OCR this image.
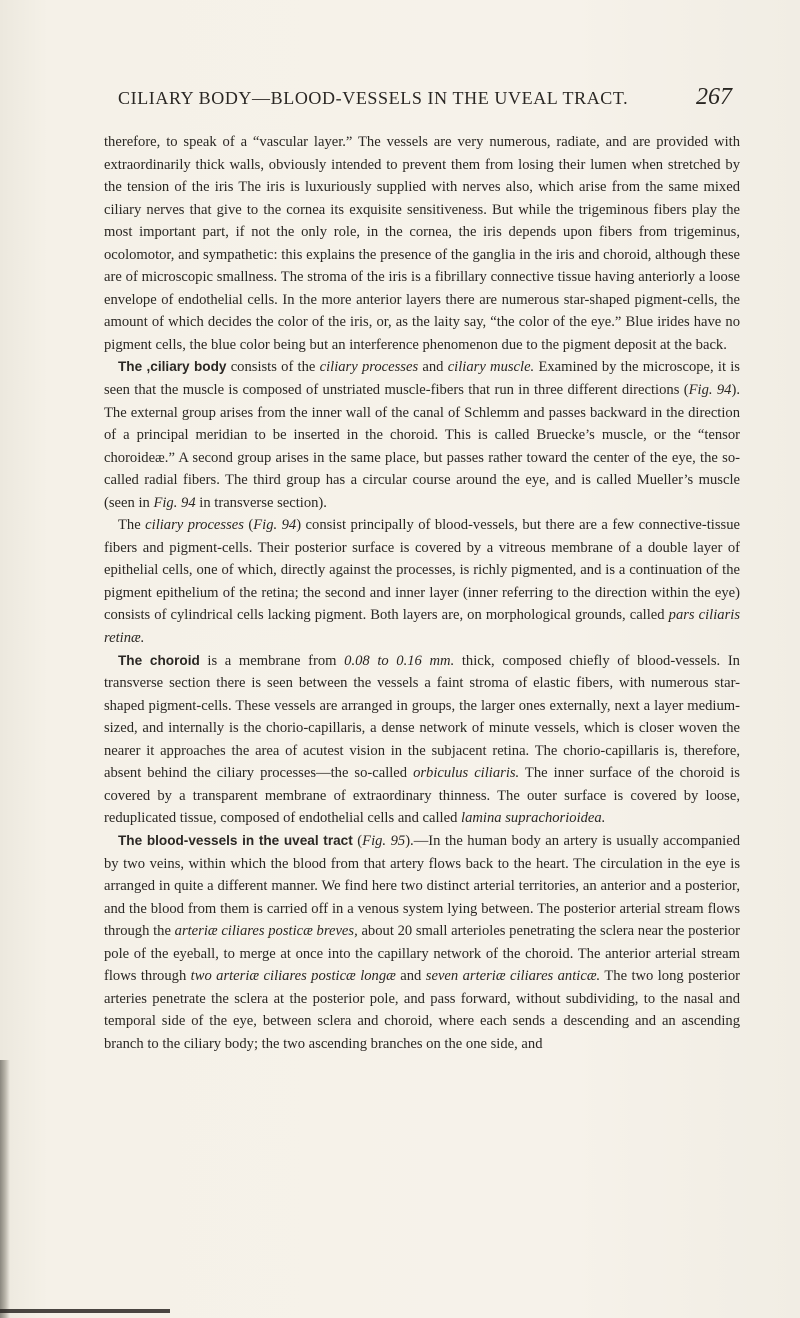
CILIARY BODY—BLOOD-VESSELS IN THE UVEAL TRACT.	267

therefore, to speak of a “vascular layer.” The vessels are very numerous, radiate, and are provided with extraordinarily thick walls, obviously intended to prevent them from losing their lumen when stretched by the tension of the iris The iris is luxuriously supplied with nerves also, which arise from the same mixed ciliary nerves that give to the cornea its exquisite sensitiveness. But while the trigeminous fibers play the most important part, if not the only role, in the cornea, the iris depends upon fibers from trigeminus, ocolomotor, and sympathetic: this explains the presence of the ganglia in the iris and choroid, although these are of microscopic smallness. The stroma of the iris is a fibrillary connective tissue having anteriorly a loose envelope of endothelial cells. In the more anterior layers there are numerous star-shaped pigment-cells, the amount of which decides the color of the iris, or, as the laity say, “the color of the eye.” Blue irides have no pigment cells, the blue color being but an interference phenomenon due to the pigment deposit at the back.

The ,ciliary body consists of the ciliary processes and ciliary muscle. Examined by the microscope, it is seen that the muscle is composed of unstriated muscle-fibers that run in three different directions (Fig. 94). The external group arises from the inner wall of the canal of Schlemm and passes backward in the direction of a principal meridian to be inserted in the choroid. This is called Bruecke’s muscle, or the “tensor choroideæ.” A second group arises in the same place, but passes rather toward the center of the eye, the so-called radial fibers. The third group has a circular course around the eye, and is called Mueller’s muscle (seen in Fig. 94 in transverse section).

The ciliary processes (Fig. 94) consist principally of blood-vessels, but there are a few connective-tissue fibers and pigment-cells. Their posterior surface is covered by a vitreous membrane of a double layer of epithelial cells, one of which, directly against the processes, is richly pigmented, and is a continuation of the pigment epithelium of the retina; the second and inner layer (inner referring to the direction within the eye) consists of cylindrical cells lacking pigment. Both layers are, on morphological grounds, called pars ciliaris retinæ.

The choroid is a membrane from 0.08 to 0.16 mm. thick, composed chiefly of blood-vessels. In transverse section there is seen between the vessels a faint stroma of elastic fibers, with numerous star-shaped pigment-cells. These vessels are arranged in groups, the larger ones externally, next a layer medium-sized, and internally is the chorio-capillaris, a dense network of minute vessels, which is closer woven the nearer it approaches the area of acutest vision in the subjacent retina. The chorio-capillaris is, therefore, absent behind the ciliary processes—the so-called orbiculus ciliaris. The inner surface of the choroid is covered by a transparent membrane of extraordinary thinness. The outer surface is covered by loose, reduplicated tissue, composed of endothelial cells and called lamina suprachorioidea.

The blood-vessels in the uveal tract (Fig. 95).—In the human body an artery is usually accompanied by two veins, within which the blood from that artery flows back to the heart. The circulation in the eye is arranged in quite a different manner. We find here two distinct arterial territories, an anterior and a posterior, and the blood from them is carried off in a venous system lying between. The posterior arterial stream flows through the arteriæ ciliares posticæ breves, about 20 small arterioles penetrating the sclera near the posterior pole of the eyeball, to merge at once into the capillary network of the choroid. The anterior arterial stream flows through two arteriæ ciliares posticæ longæ and seven arteriæ ciliares anticæ. The two long posterior arteries penetrate the sclera at the posterior pole, and pass forward, without subdividing, to the nasal and temporal side of the eye, between sclera and choroid, where each sends a descending and an ascending branch to the ciliary body; the two ascending branches on the one side, and
